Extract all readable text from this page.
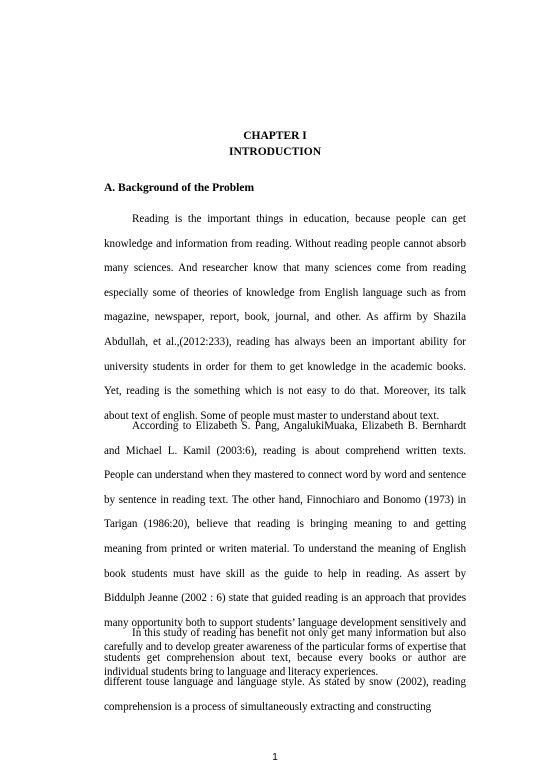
CHAPTER I
INTRODUCTION
A. Background of the Problem

Reading is the important things in education, because people can get knowledge and information from reading. Without reading people cannot absorb many sciences. And researcher know that many sciences come from reading especially some of theories of knowledge from English language such as from magazine, newspaper, report, book, journal, and other. As affirm by Shazila Abdullah, et al.,(2012:233), reading has always been an important ability for university students in order for them to get knowledge in the academic books. Yet, reading is the something which is not easy to do that. Moreover, its talk about text of english. Some of people must master to understand about text.

According to Elizabeth S. Pang, AngalukiMuaka, Elizabeth B. Bernhardt and Michael L. Kamil (2003:6), reading is about comprehend written texts. People can understand when they mastered to connect word by word and sentence by sentence in reading text. The other hand, Finnochiaro and Bonomo (1973) in Tarigan (1986:20), believe that reading is bringing meaning to and getting meaning from printed or writen material. To understand the meaning of English book students must have skill as the guide to help in reading. As assert by Biddulph Jeanne (2002 : 6) state that guided reading is an approach that provides many opportunity both to support students’ language development sensitively and carefully and to develop greater awareness of the particular forms of expertise that individual students bring to language and literacy experiences.

In this study of reading has benefit not only get many information but also students get comprehension about text, because every books or author are different touse language and language style. As stated by snow (2002), reading comprehension is a process of simultaneously extracting and constructing

1
